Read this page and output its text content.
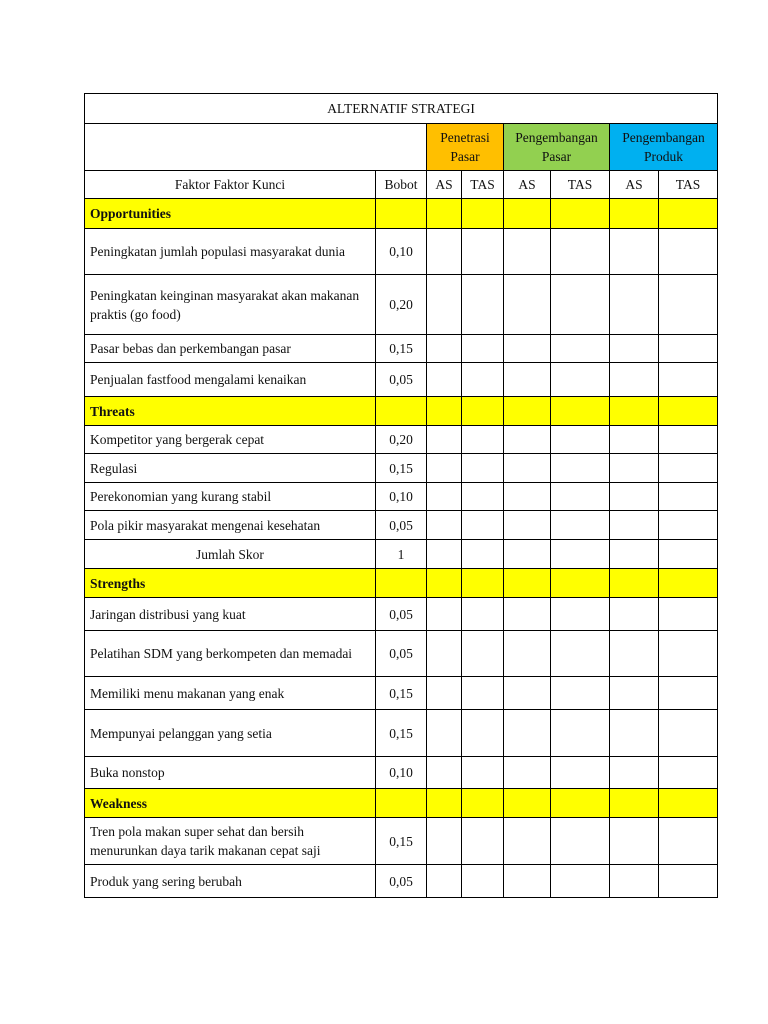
ALTERNATIF STRATEGI							
		Penetrasi Pasar		Pengembangan Pasar		Pengembangan Produk	
Faktor Faktor Kunci	Bobot	AS	TAS	AS	TAS	AS	TAS
Opportunities							
Peningkatan jumlah populasi masyarakat dunia	0,10						
Peningkatan keinginan masyarakat akan makanan praktis (go food)	0,20						
Pasar bebas dan perkembangan pasar	0,15						
Penjualan fastfood mengalami kenaikan	0,05						
Threats							
Kompetitor yang bergerak cepat	0,20						
Regulasi	0,15						
Perekonomian yang kurang stabil	0,10						
Pola pikir masyarakat mengenai kesehatan	0,05						
Jumlah Skor	1						
Strengths							
Jaringan distribusi yang kuat	0,05						
Pelatihan SDM yang berkompeten dan memadai	0,05						
Memiliki menu makanan yang enak	0,15						
Mempunyai pelanggan yang setia	0,15						
Buka nonstop	0,10						
Weakness							
Tren pola makan super sehat dan bersih menurunkan daya tarik makanan cepat saji	0,15						
Produk yang sering berubah	0,05						
